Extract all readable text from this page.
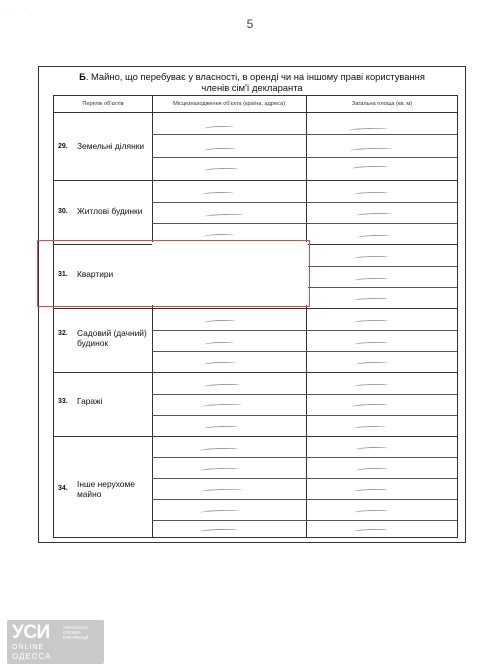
· · ·
5
Б. Майно, що перебуває у власності, в оренді чи на іншому праві користування
членів сім'ї декларанта
Перелік об'єктів	Місцезнаходження об'єкта (країна, адреса)	Загальна площа (кв. м)
29. Земельні ділянки
30. Житлові будинки
31. Квартири
32. Садовий (дачний) будинок
33. Гаражі
34. Інше нерухоме майно
УСИ	УКРАЇНСЬКА СЛУЖБА ІНФОРМАЦІЇ
ONLINE
ОДЕССА
